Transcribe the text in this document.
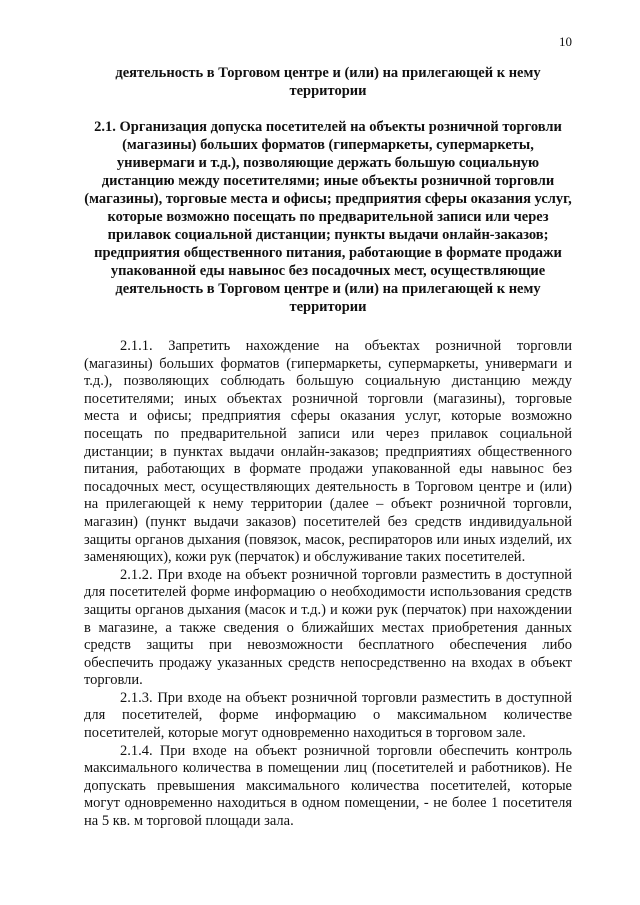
10

деятельность в Торговом центре и (или) на прилегающей к нему территории

2.1. Организация допуска посетителей на объекты розничной торговли (магазины) больших форматов (гипермаркеты, супермаркеты, универмаги и т.д.), позволяющие держать большую социальную дистанцию между посетителями; иные объекты розничной торговли (магазины), торговые места и офисы; предприятия сферы оказания услуг, которые возможно посещать по предварительной записи или через прилавок социальной дистанции; пункты выдачи онлайн-заказов; предприятия общественного питания, работающие в формате продажи упакованной еды навынос без посадочных мест, осуществляющие деятельность в Торговом центре и (или) на прилегающей к нему территории

2.1.1. Запретить нахождение на объектах розничной торговли (магазины) больших форматов (гипермаркеты, супермаркеты, универмаги и т.д.), позволяющих соблюдать большую социальную дистанцию между посетителями; иных объектах розничной торговли (магазины), торговые места и офисы; предприятия сферы оказания услуг, которые возможно посещать по предварительной записи или через прилавок социальной дистанции; в пунктах выдачи онлайн-заказов; предприятиях общественного питания, работающих в формате продажи упакованной еды навынос без посадочных мест, осуществляющих деятельность в Торговом центре и (или) на прилегающей к нему территории (далее – объект розничной торговли, магазин) (пункт выдачи заказов) посетителей без средств индивидуальной защиты органов дыхания (повязок, масок, респираторов или иных изделий, их заменяющих), кожи рук (перчаток) и обслуживание таких посетителей.

2.1.2. При входе на объект розничной торговли разместить в доступной для посетителей форме информацию о необходимости использования средств защиты органов дыхания (масок и т.д.) и кожи рук (перчаток) при нахождении в магазине, а также сведения о ближайших местах приобретения данных средств защиты при невозможности бесплатного обеспечения либо обеспечить продажу указанных средств непосредственно на входах в объект торговли.

2.1.3. При входе на объект розничной торговли разместить в доступной для посетителей, форме информацию о максимальном количестве посетителей, которые могут одновременно находиться в торговом зале.

2.1.4. При входе на объект розничной торговли обеспечить контроль максимального количества в помещении лиц (посетителей и работников). Не допускать превышения максимального количества посетителей, которые могут одновременно находиться в одном помещении, - не более 1 посетителя на 5 кв. м торговой площади зала.
